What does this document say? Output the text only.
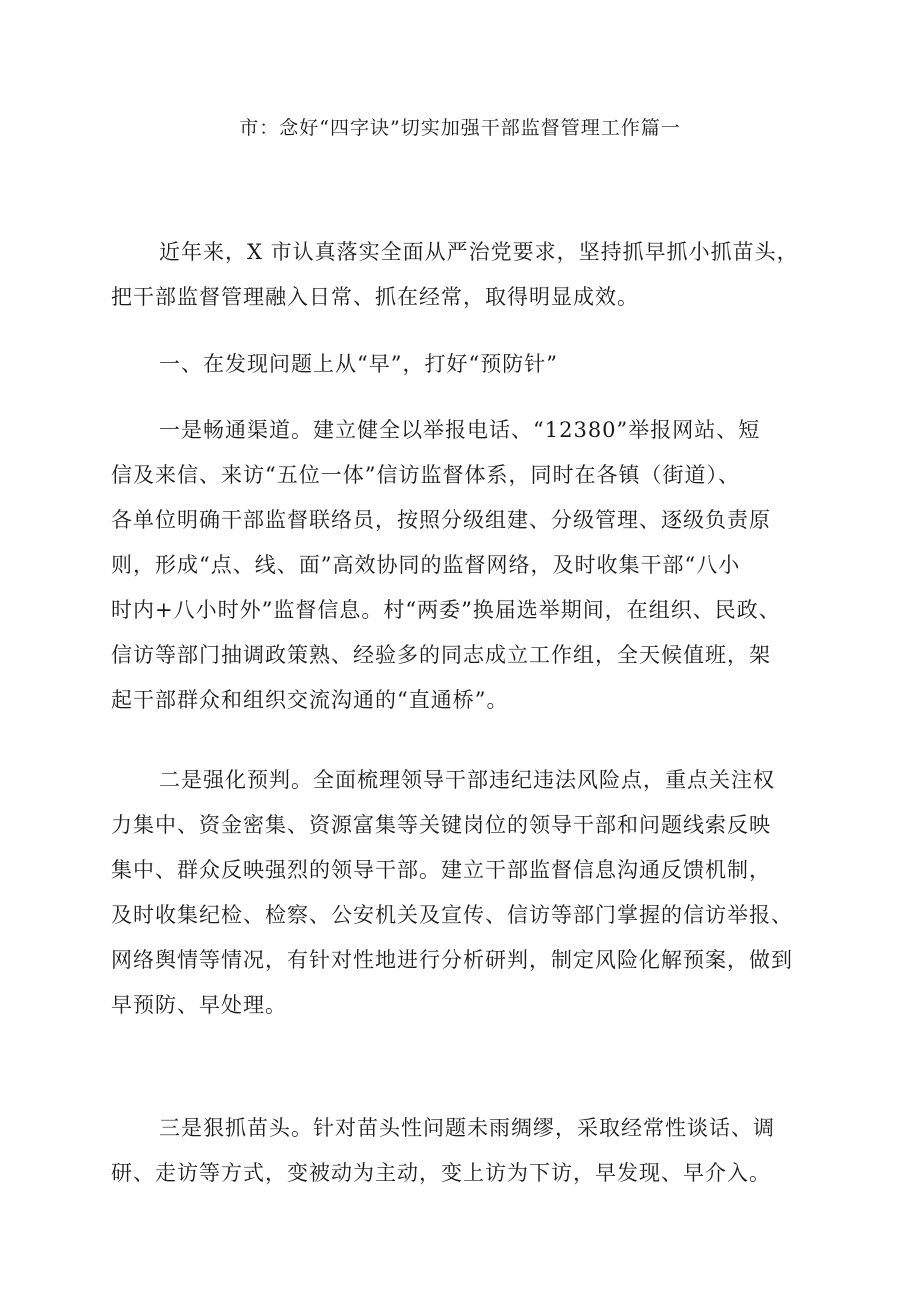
市：念好“四字诀”切实加强干部监督管理工作篇一
近年来，X 市认真落实全面从严治党要求，坚持抓早抓小抓苗头，
把干部监督管理融入日常、抓在经常，取得明显成效。
一、在发现问题上从“早”，打好“预防针”
一是畅通渠道。建立健全以举报电话、“12380”举报网站、短
信及来信、来访“五位一体”信访监督体系，同时在各镇（街道）、
各单位明确干部监督联络员，按照分级组建、分级管理、逐级负责原
则，形成“点、线、面”高效协同的监督网络，及时收集干部“八小
时内+八小时外”监督信息。村“两委”换届选举期间，在组织、民政、
信访等部门抽调政策熟、经验多的同志成立工作组，全天候值班，架
起干部群众和组织交流沟通的“直通桥”。
二是强化预判。全面梳理领导干部违纪违法风险点，重点关注权
力集中、资金密集、资源富集等关键岗位的领导干部和问题线索反映
集中、群众反映强烈的领导干部。建立干部监督信息沟通反馈机制，
及时收集纪检、检察、公安机关及宣传、信访等部门掌握的信访举报、
网络舆情等情况，有针对性地进行分析研判，制定风险化解预案，做到
早预防、早处理。
三是狠抓苗头。针对苗头性问题未雨绸缪，采取经常性谈话、调
研、走访等方式，变被动为主动，变上访为下访，早发现、早介入。
